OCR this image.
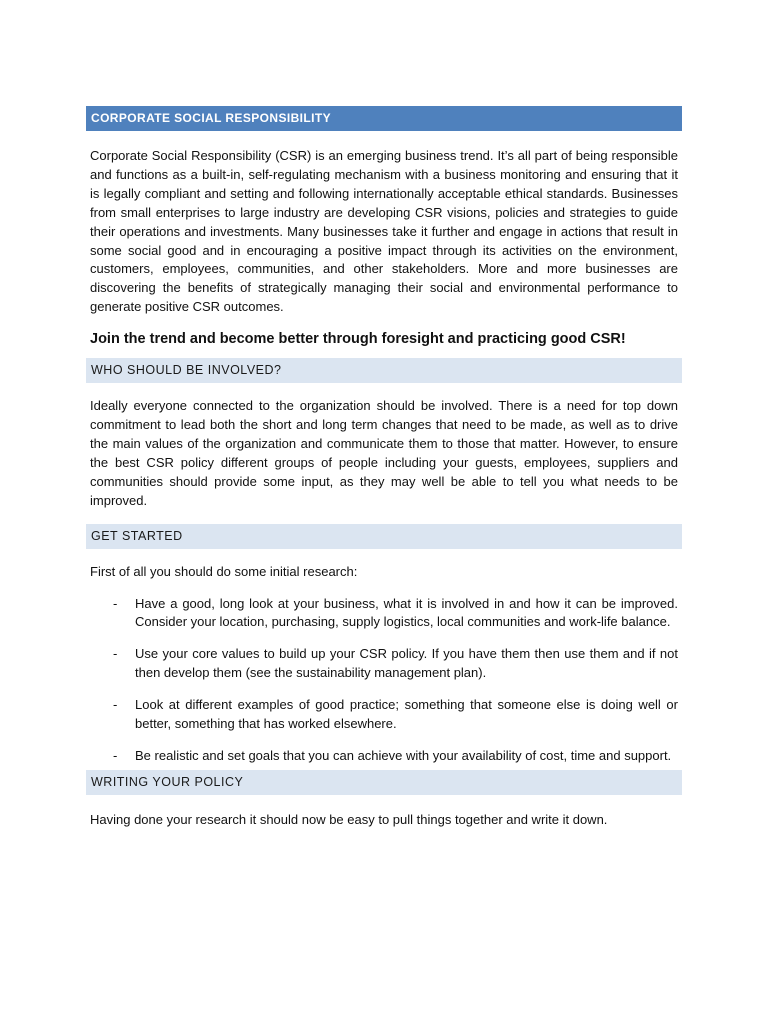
CORPORATE SOCIAL RESPONSIBILITY

Corporate Social Responsibility (CSR) is an emerging business trend. It’s all part of being responsible and functions as a built-in, self-regulating mechanism with a business monitoring and ensuring that it is legally compliant and setting and following internationally acceptable ethical standards. Businesses from small enterprises to large industry are developing CSR visions, policies and strategies to guide their operations and investments. Many businesses take it further and engage in actions that result in some social good and in encouraging a positive impact through its activities on the environment, customers, employees, communities, and other stakeholders. More and more businesses are discovering the benefits of strategically managing their social and environmental performance to generate positive CSR outcomes.

Join the trend and become better through foresight and practicing good CSR!
WHO SHOULD BE INVOLVED?

Ideally everyone connected to the organization should be involved. There is a need for top down commitment to lead both the short and long term changes that need to be made, as well as to drive the main values of the organization and communicate them to those that matter. However, to ensure the best CSR policy different groups of people including your guests, employees, suppliers and communities should provide some input, as they may well be able to tell you what needs to be improved.

GET STARTED

First of all you should do some initial research:

- Have a good, long look at your business, what it is involved in and how it can be improved. Consider your location, purchasing, supply logistics, local communities and work-life balance.
- Use your core values to build up your CSR policy. If you have them then use them and if not then develop them (see the sustainability management plan).
- Look at different examples of good practice; something that someone else is doing well or better, something that has worked elsewhere.
- Be realistic and set goals that you can achieve with your availability of cost, time and support.
WRITING YOUR POLICY

Having done your research it should now be easy to pull things together and write it down.
